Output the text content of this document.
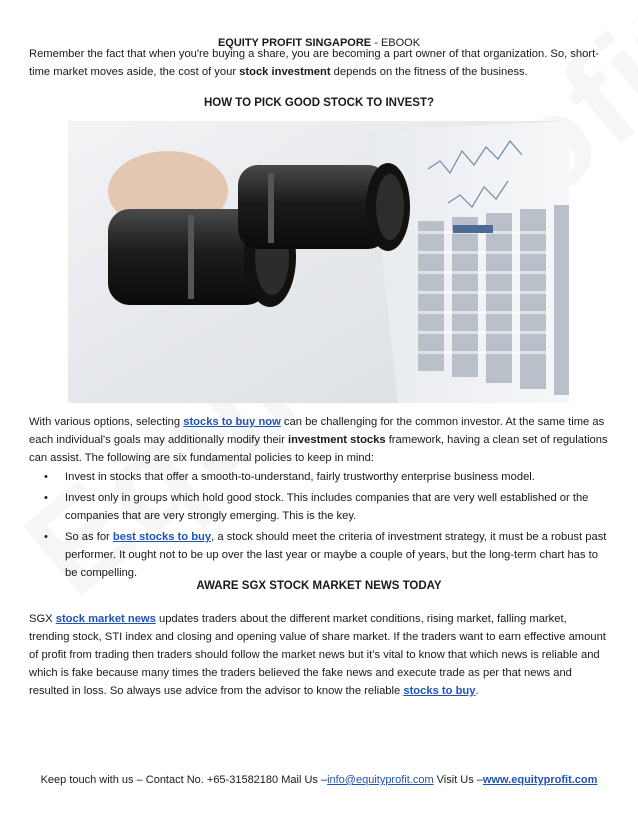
EQUITY PROFIT SINGAPORE - EBOOK

Remember the fact that when you're buying a share, you are becoming a part owner of that organization. So, short-time market moves aside, the cost of your stock investment depends on the fitness of the business.

HOW TO PICK GOOD STOCK TO INVEST?

With various options, selecting stocks to buy now can be challenging for the common investor. At the same time as each individual's goals may additionally modify their investment stocks framework, having a clean set of regulations can assist. The following are six fundamental policies to keep in mind:

• Invest in stocks that offer a smooth-to-understand, fairly trustworthy enterprise business model.
• Invest only in groups which hold good stock. This includes companies that are very well established or the companies that are very strongly emerging. This is the key.
• So as for best stocks to buy, a stock should meet the criteria of investment strategy, it must be a robust past performer. It ought not to be up over the last year or maybe a couple of years, but the long-term chart has to be compelling.
AWARE SGX STOCK MARKET NEWS TODAY

SGX stock market news updates traders about the different market conditions, rising market, falling market, trending stock, STI index and closing and opening value of share market. If the traders want to earn effective amount of profit from trading then traders should follow the market news but it’s vital to know that which news is reliable and which is fake because many times the traders believed the fake news and execute trade as per that news and resulted in loss. So always use advice from the advisor to know the reliable stocks to buy.

Keep touch with us – Contact No. +65-31582180 Mail Us –info@equityprofit.com Visit Us –www.equityprofit.com
